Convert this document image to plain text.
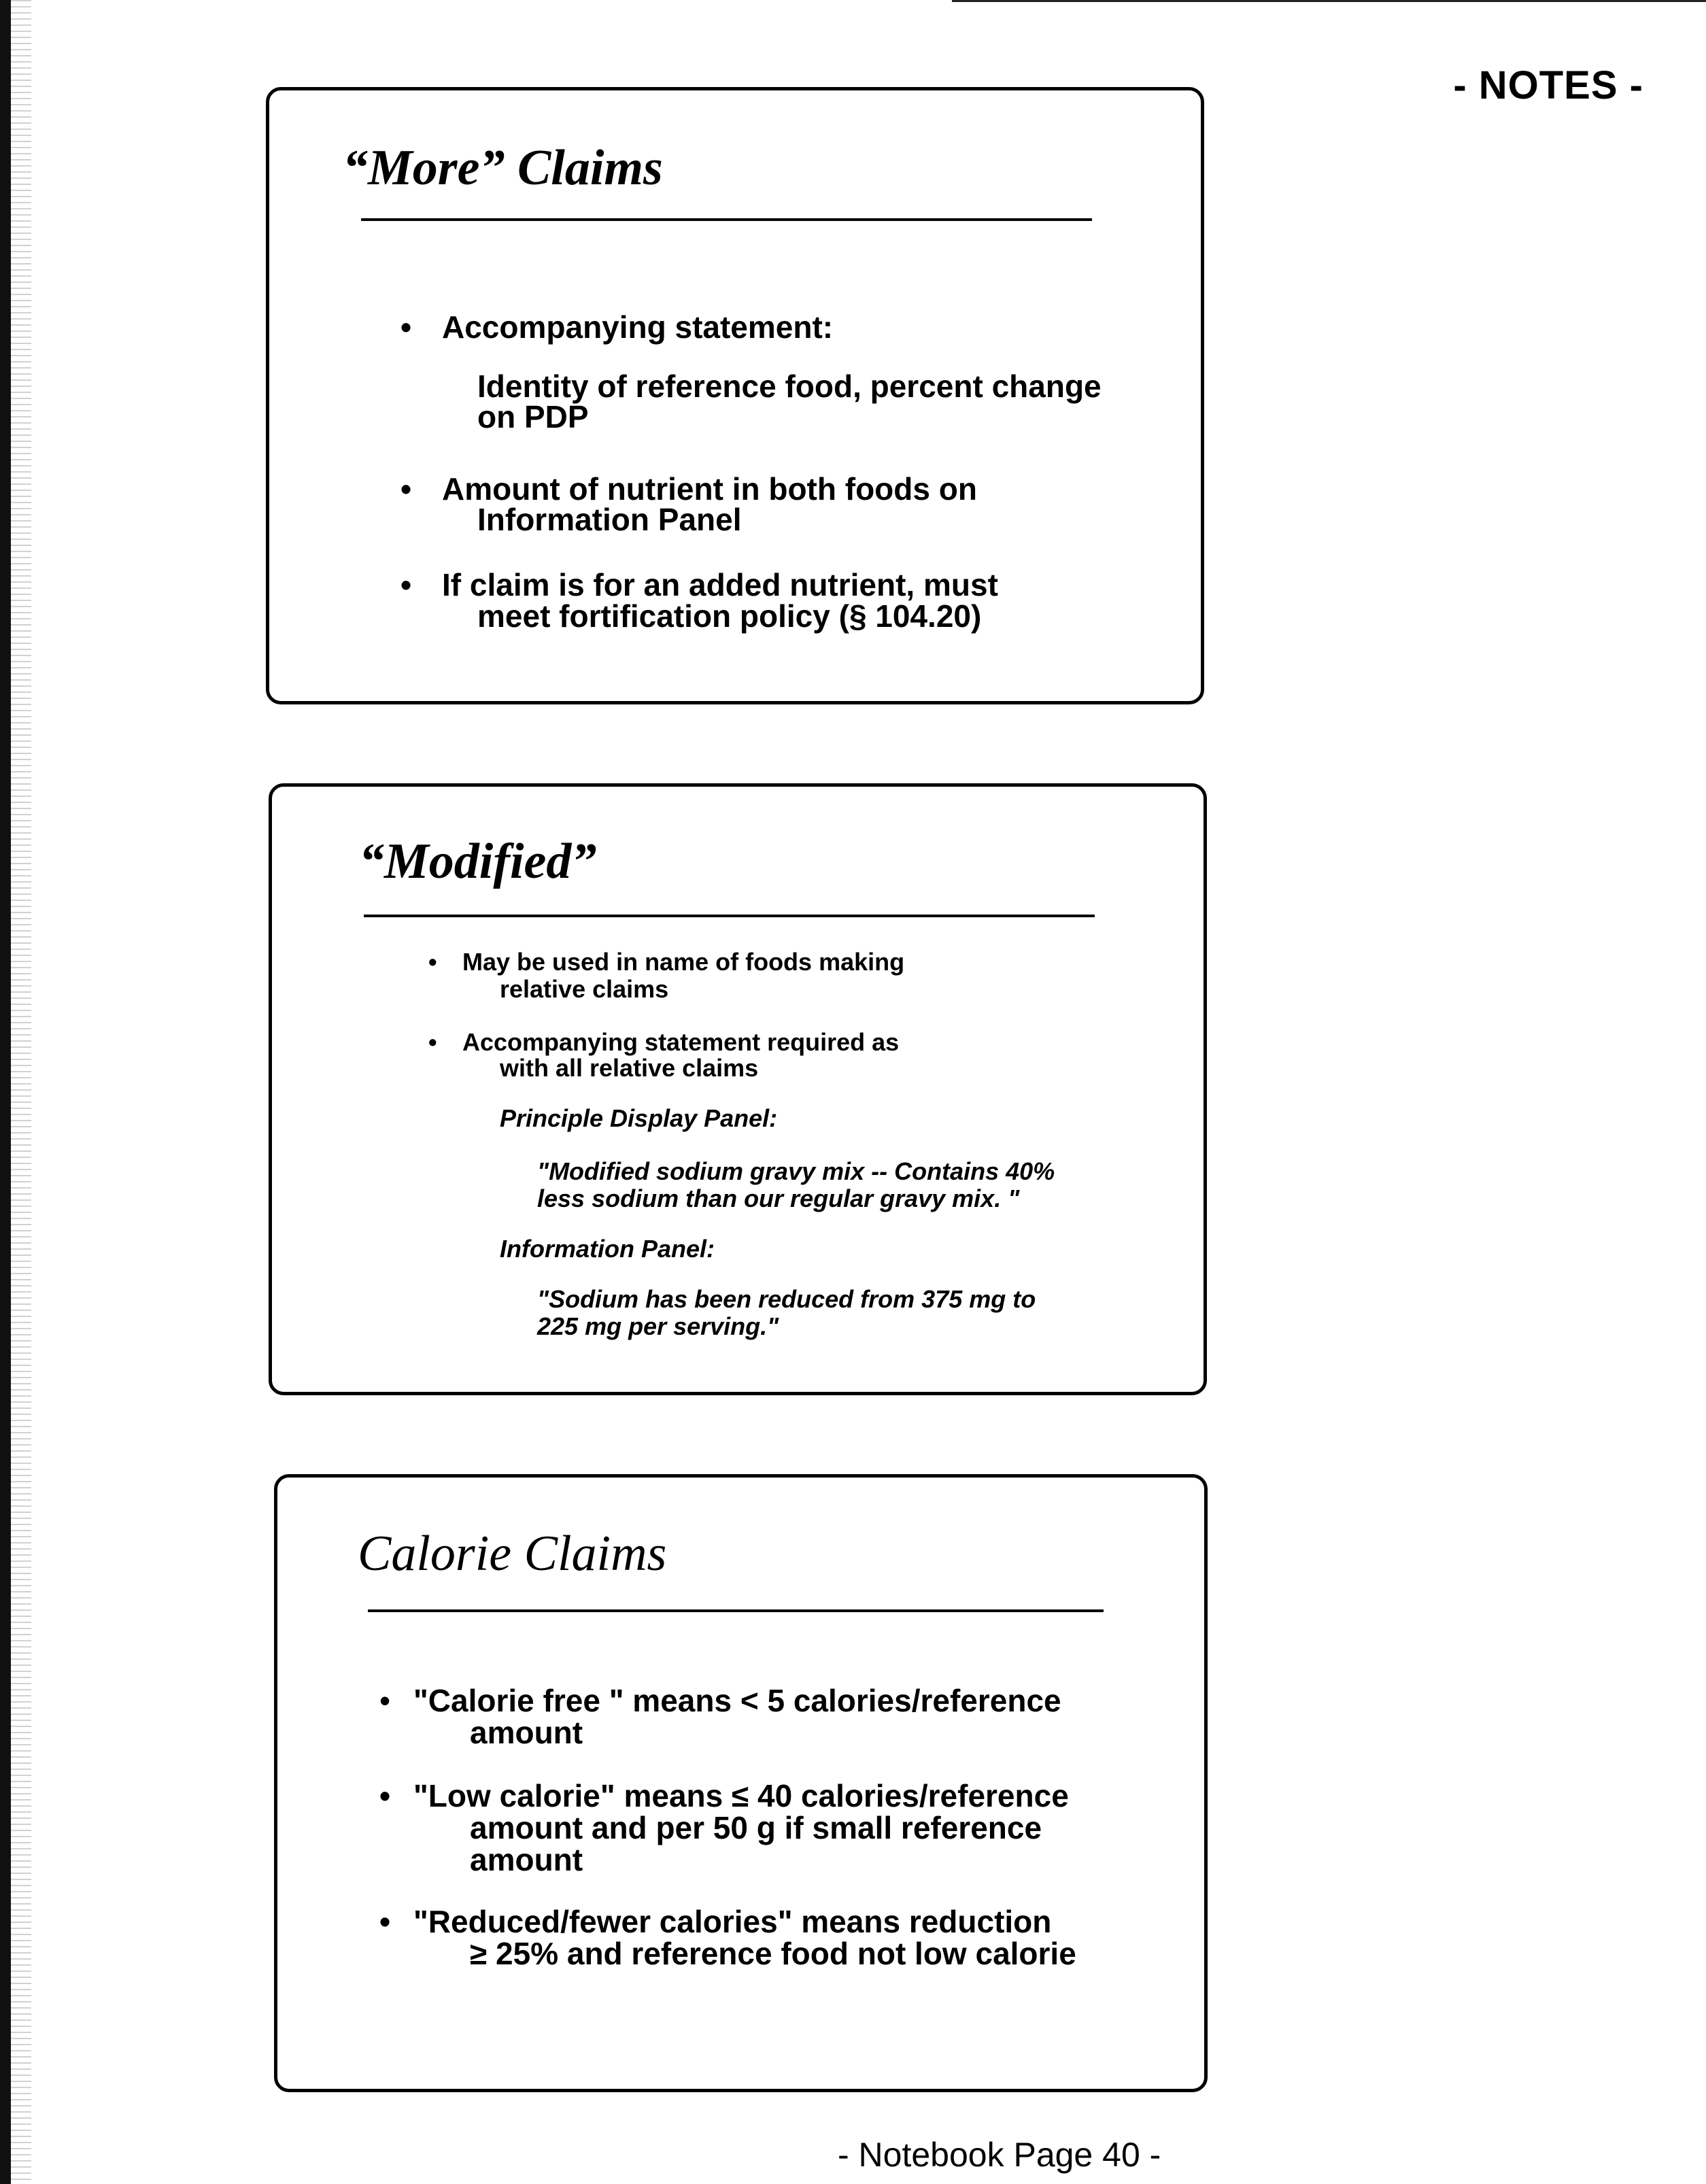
- NOTES -
“More” Claims
• Accompanying statement:
Identity of reference food, percent change
on PDP
• Amount of nutrient in both foods on
Information Panel
• If claim is for an added nutrient, must
meet fortification policy (§ 104.20)
“Modified”
• May be used in name of foods making
relative claims
• Accompanying statement required as
with all relative claims
Principle Display Panel:
"Modified sodium gravy mix -- Contains 40%
less sodium than our regular gravy mix. "
Information Panel:
"Sodium has been reduced from 375 mg to
225 mg per serving."
Calorie Claims
• "Calorie free " means < 5 calories/reference
amount
• "Low calorie" means ≤ 40 calories/reference
amount and per 50 g if small reference
amount
• "Reduced/fewer calories" means reduction
≥ 25% and reference food not low calorie
- Notebook Page 40 -
